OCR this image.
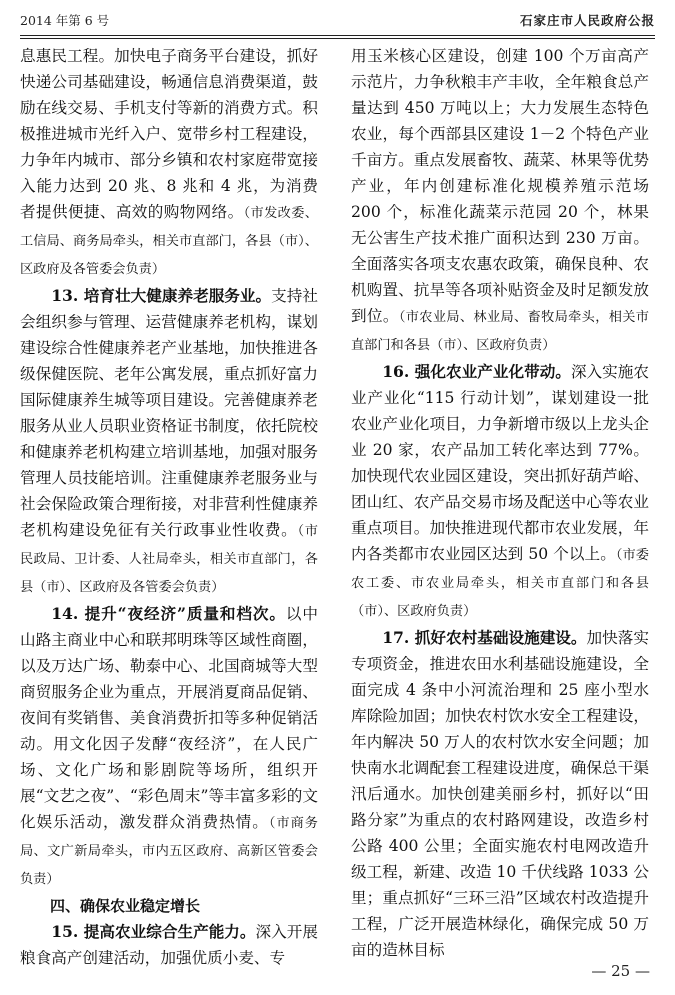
2014 年第 6 号	石家庄市人民政府公报

息惠民工程。加快电子商务平台建设，抓好快递公司基础建设，畅通信息消费渠道，鼓励在线交易、手机支付等新的消费方式。积极推进城市光纤入户、宽带乡村工程建设，力争年内城市、部分乡镇和农村家庭带宽接入能力达到 20 兆、8 兆和 4 兆，为消费者提供便捷、高效的购物网络。（市发改委、工信局、商务局牵头，相关市直部门，各县（市）、区政府及各管委会负责）

13. 培育壮大健康养老服务业。支持社会组织参与管理、运营健康养老机构，谋划建设综合性健康养老产业基地，加快推进各级保健医院、老年公寓发展，重点抓好富力国际健康养生城等项目建设。完善健康养老服务从业人员职业资格证书制度，依托院校和健康养老机构建立培训基地，加强对服务管理人员技能培训。注重健康养老服务业与社会保险政策合理衔接，对非营利性健康养老机构建设免征有关行政事业性收费。（市民政局、卫计委、人社局牵头，相关市直部门，各县（市）、区政府及各管委会负责）

14. 提升“夜经济”质量和档次。以中山路主商业中心和联邦明珠等区域性商圈，以及万达广场、勒泰中心、北国商城等大型商贸服务企业为重点，开展消夏商品促销、夜间有奖销售、美食消费折扣等多种促销活动。用文化因子发酵“夜经济”，在人民广场、文化广场和影剧院等场所，组织开展“文艺之夜”、“彩色周末”等丰富多彩的文化娱乐活动，激发群众消费热情。（市商务局、文广新局牵头，市内五区政府、高新区管委会负责）

四、确保农业稳定增长

15. 提高农业综合生产能力。深入开展粮食高产创建活动，加强优质小麦、专

用玉米核心区建设，创建 100 个万亩高产示范片，力争秋粮丰产丰收，全年粮食总产量达到 450 万吨以上；大力发展生态特色农业，每个西部县区建设 1－2 个特色产业千亩方。重点发展畜牧、蔬菜、林果等优势产业，年内创建标准化规模养殖示范场 200 个，标准化蔬菜示范园 20 个，林果无公害生产技术推广面积达到 230 万亩。全面落实各项支农惠农政策，确保良种、农机购置、抗旱等各项补贴资金及时足额发放到位。（市农业局、林业局、畜牧局牵头，相关市直部门和各县（市）、区政府负责）

16. 强化农业产业化带动。深入实施农业产业化“115 行动计划”，谋划建设一批农业产业化项目，力争新增市级以上龙头企业 20 家，农产品加工转化率达到 77%。加快现代农业园区建设，突出抓好葫芦峪、团山红、农产品交易市场及配送中心等农业重点项目。加快推进现代都市农业发展，年内各类都市农业园区达到 50 个以上。（市委农工委、市农业局牵头，相关市直部门和各县（市）、区政府负责）

17. 抓好农村基础设施建设。加快落实专项资金，推进农田水利基础设施建设，全面完成 4 条中小河流治理和 25 座小型水库除险加固；加快农村饮水安全工程建设，年内解决 50 万人的农村饮水安全问题；加快南水北调配套工程建设进度，确保总干渠汛后通水。加快创建美丽乡村，抓好以“田路分家”为重点的农村路网建设，改造乡村公路 400 公里；全面实施农村电网改造升级工程，新建、改造 10 千伏线路 1033 公里；重点抓好“三环三沿”区域农村改造提升工程，广泛开展造林绿化，确保完成 50 万亩的造林目标

— 25 —
